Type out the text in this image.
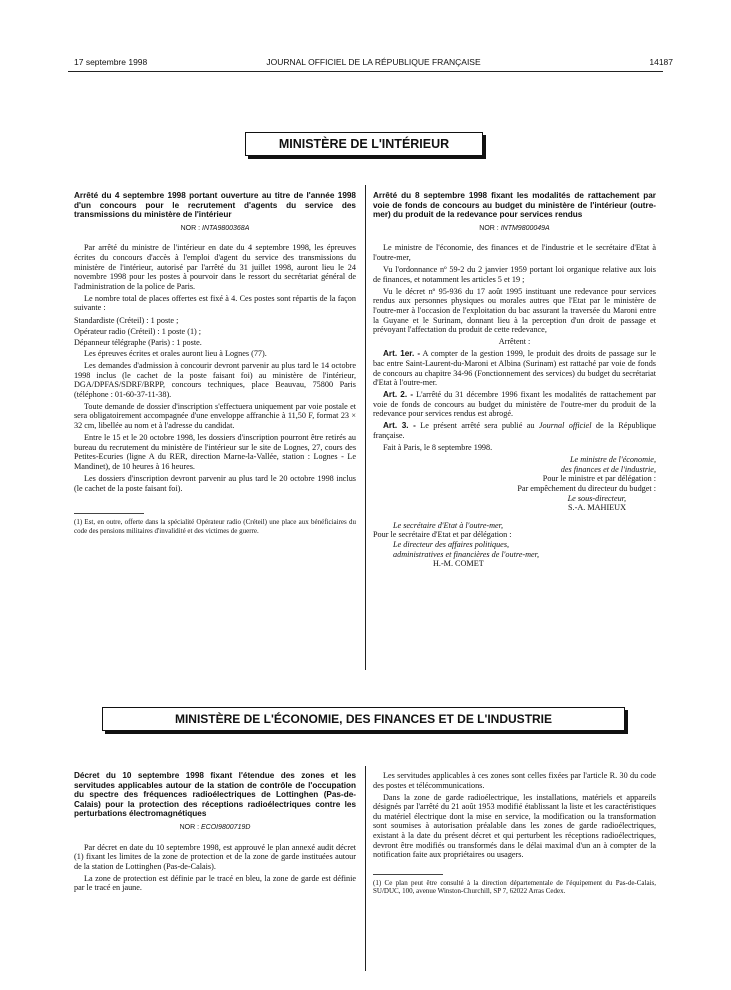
17 septembre 1998	JOURNAL OFFICIEL DE LA RÉPUBLIQUE FRANÇAISE	14187
MINISTÈRE DE L'INTÉRIEUR
Arrêté du 4 septembre 1998 portant ouverture au titre de l'année 1998 d'un concours pour le recrutement d'agents du service des transmissions du ministère de l'intérieur
NOR : INTA9800368A

Par arrêté du ministre de l'intérieur en date du 4 septembre 1998, les épreuves écrites du concours d'accès à l'emploi d'agent du service des transmissions du ministère de l'intérieur, autorisé par l'arrêté du 31 juillet 1998, auront lieu le 24 novembre 1998 pour les postes à pourvoir dans le ressort du secrétariat général de l'administration de la police de Paris.

Le nombre total de places offertes est fixé à 4. Ces postes sont répartis de la façon suivante :

Standardiste (Créteil) : 1 poste ;

Opérateur radio (Créteil) : 1 poste (1) ;

Dépanneur télégraphe (Paris) : 1 poste.

Les épreuves écrites et orales auront lieu à Lognes (77).

Les demandes d'admission à concourir devront parvenir au plus tard le 14 octobre 1998 inclus (le cachet de la poste faisant foi) au ministère de l'intérieur, DGA/DPFAS/SDRF/BRPP, concours techniques, place Beauvau, 75800 Paris (téléphone : 01-60-37-11-38).

Toute demande de dossier d'inscription s'effectuera uniquement par voie postale et sera obligatoirement accompagnée d'une enveloppe affranchie à 11,50 F, format 23 × 32 cm, libellée au nom et à l'adresse du candidat.

Entre le 15 et le 20 octobre 1998, les dossiers d'inscription pourront être retirés au bureau du recrutement du ministère de l'intérieur sur le site de Lognes, 27, cours des Petites-Ecuries (ligne A du RER, direction Marne-la-Vallée, station : Lognes - Le Mandinet), de 10 heures à 16 heures.

Les dossiers d'inscription devront parvenir au plus tard le 20 octobre 1998 inclus (le cachet de la poste faisant foi).

(1) Est, en outre, offerte dans la spécialité Opérateur radio (Créteil) une place aux bénéficiaires du code des pensions militaires d'invalidité et des victimes de guerre.

Arrêté du 8 septembre 1998 fixant les modalités de rattachement par voie de fonds de concours au budget du ministère de l'intérieur (outre-mer) du produit de la redevance pour services rendus
NOR : INTM9800049A

Le ministre de l'économie, des finances et de l'industrie et le secrétaire d'Etat à l'outre-mer,

Vu l'ordonnance nº 59-2 du 2 janvier 1959 portant loi organique relative aux lois de finances, et notamment les articles 5 et 19 ;

Vu le décret nº 95-936 du 17 août 1995 instituant une redevance pour services rendus aux personnes physiques ou morales autres que l'Etat par le ministère de l'outre-mer à l'occasion de l'exploitation du bac assurant la traversée du Maroni entre la Guyane et le Surinam, donnant lieu à la perception d'un droit de passage et prévoyant l'affectation du produit de cette redevance,

Arrêtent :

Art. 1er. - A compter de la gestion 1999, le produit des droits de passage sur le bac entre Saint-Laurent-du-Maroni et Albina (Surinam) est rattaché par voie de fonds de concours au chapitre 34-96 (Fonctionnement des services) du budget du secrétariat d'Etat à l'outre-mer.

Art. 2. - L'arrêté du 31 décembre 1996 fixant les modalités de rattachement par voie de fonds de concours au budget du ministère de l'outre-mer du produit de la redevance pour services rendus est abrogé.

Art. 3. - Le présent arrêté sera publié au Journal officiel de la République française.

Fait à Paris, le 8 septembre 1998.

Le ministre de l'économie,
des finances et de l'industrie,
Pour le ministre et par délégation :
Par empêchement du directeur du budget :
Le sous-directeur,
S.-A. MAHIEUX
Le secrétaire d'Etat à l'outre-mer,
Pour le secrétaire d'Etat et par délégation :
Le directeur des affaires politiques,
administratives et financières de l'outre-mer,
H.-M. COMET
MINISTÈRE DE L'ÉCONOMIE, DES FINANCES ET DE L'INDUSTRIE
Décret du 10 septembre 1998 fixant l'étendue des zones et les servitudes applicables autour de la station de contrôle de l'occupation du spectre des fréquences radioélectriques de Lottinghen (Pas-de-Calais) pour la protection des réceptions radioélectriques contre les perturbations électromagnétiques
NOR : ECOI9800719D

Par décret en date du 10 septembre 1998, est approuvé le plan annexé audit décret (1) fixant les limites de la zone de protection et de la zone de garde instituées autour de la station de Lottinghen (Pas-de-Calais).

La zone de protection est définie par le tracé en bleu, la zone de garde est définie par le tracé en jaune.

Les servitudes applicables à ces zones sont celles fixées par l'article R. 30 du code des postes et télécommunications.

Dans la zone de garde radioélectrique, les installations, matériels et appareils désignés par l'arrêté du 21 août 1953 modifié établissant la liste et les caractéristiques du matériel électrique dont la mise en service, la modification ou la transformation sont soumises à autorisation préalable dans les zones de garde radioélectriques, existant à la date du présent décret et qui perturbent les réceptions radioélectriques, devront être modifiés ou transformés dans le délai maximal d'un an à compter de la notification faite aux propriétaires ou usagers.

(1) Ce plan peut être consulté à la direction départementale de l'équipement du Pas-de-Calais, SU/DUC, 100, avenue Winston-Churchill, SP 7, 62022 Arras Cedex.
